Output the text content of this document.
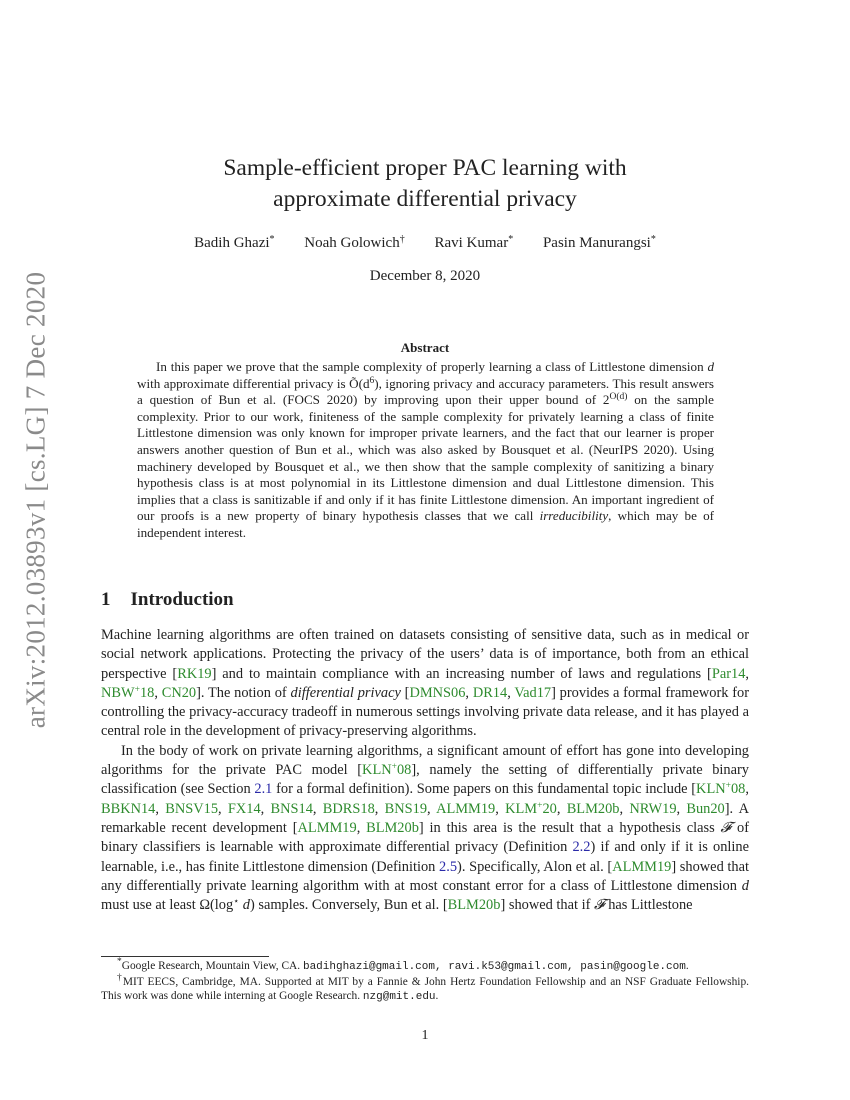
arXiv:2012.03893v1 [cs.LG] 7 Dec 2020
Sample-efficient proper PAC learning with
approximate differential privacy
Badih Ghazi* Noah Golowich† Ravi Kumar* Pasin Manurangsi*
December 8, 2020
Abstract
In this paper we prove that the sample complexity of properly learning a class of Littlestone dimension d with approximate differential privacy is $Õ(d^6)$, ignoring privacy and accuracy parameters. This result answers a question of Bun et al. (FOCS 2020) by improving upon their upper bound of $2^{O(d)}$ on the sample complexity. Prior to our work, finiteness of the sample complexity for privately learning a class of finite Littlestone dimension was only known for improper private learners, and the fact that our learner is proper answers another question of Bun et al., which was also asked by Bousquet et al. (NeurIPS 2020). Using machinery developed by Bousquet et al., we then show that the sample complexity of sanitizing a binary hypothesis class is at most polynomial in its Littlestone dimension and dual Littlestone dimension. This implies that a class is sanitizable if and only if it has finite Littlestone dimension. An important ingredient of our proofs is a new property of binary hypothesis classes that we call irreducibility, which may be of independent interest.
1 Introduction

Machine learning algorithms are often trained on datasets consisting of sensitive data, such as in medical or social network applications. Protecting the privacy of the users’ data is of importance, both from an ethical perspective [RK19] and to maintain compliance with an increasing number of laws and regulations [Par14, NBW+18, CN20]. The notion of differential privacy [DMNS06, DR14, Vad17] provides a formal framework for controlling the privacy-accuracy tradeoff in numerous settings involving private data release, and it has played a central role in the development of privacy-preserving algorithms.

In the body of work on private learning algorithms, a significant amount of effort has gone into developing algorithms for the private PAC model [KLN+08], namely the setting of differentially private binary classification (see Section 2.1 for a formal definition). Some papers on this fundamental topic include [KLN+08, BBKN14, BNSV15, FX14, BNS14, BDRS18, BNS19, ALMM19, KLM+20, BLM20b, NRW19, Bun20]. A remarkable recent development [ALMM19, BLM20b] in this area is the result that a hypothesis class 𝓕 of binary classifiers is learnable with approximate differential privacy (Definition 2.2) if and only if it is online learnable, i.e., has finite Littlestone dimension (Definition 2.5). Specifically, Alon et al. [ALMM19] showed that any differentially private learning algorithm with at most constant error for a class of Littlestone dimension d must use at least Ω(log⋆ d) samples. Conversely, Bun et al. [BLM20b] showed that if 𝓕 has Littlestone

*Google Research, Mountain View, CA. badihghazi@gmail.com, ravi.k53@gmail.com, pasin@google.com.

†MIT EECS, Cambridge, MA. Supported at MIT by a Fannie & John Hertz Foundation Fellowship and an NSF Graduate Fellowship. This work was done while interning at Google Research. nzg@mit.edu.

1
